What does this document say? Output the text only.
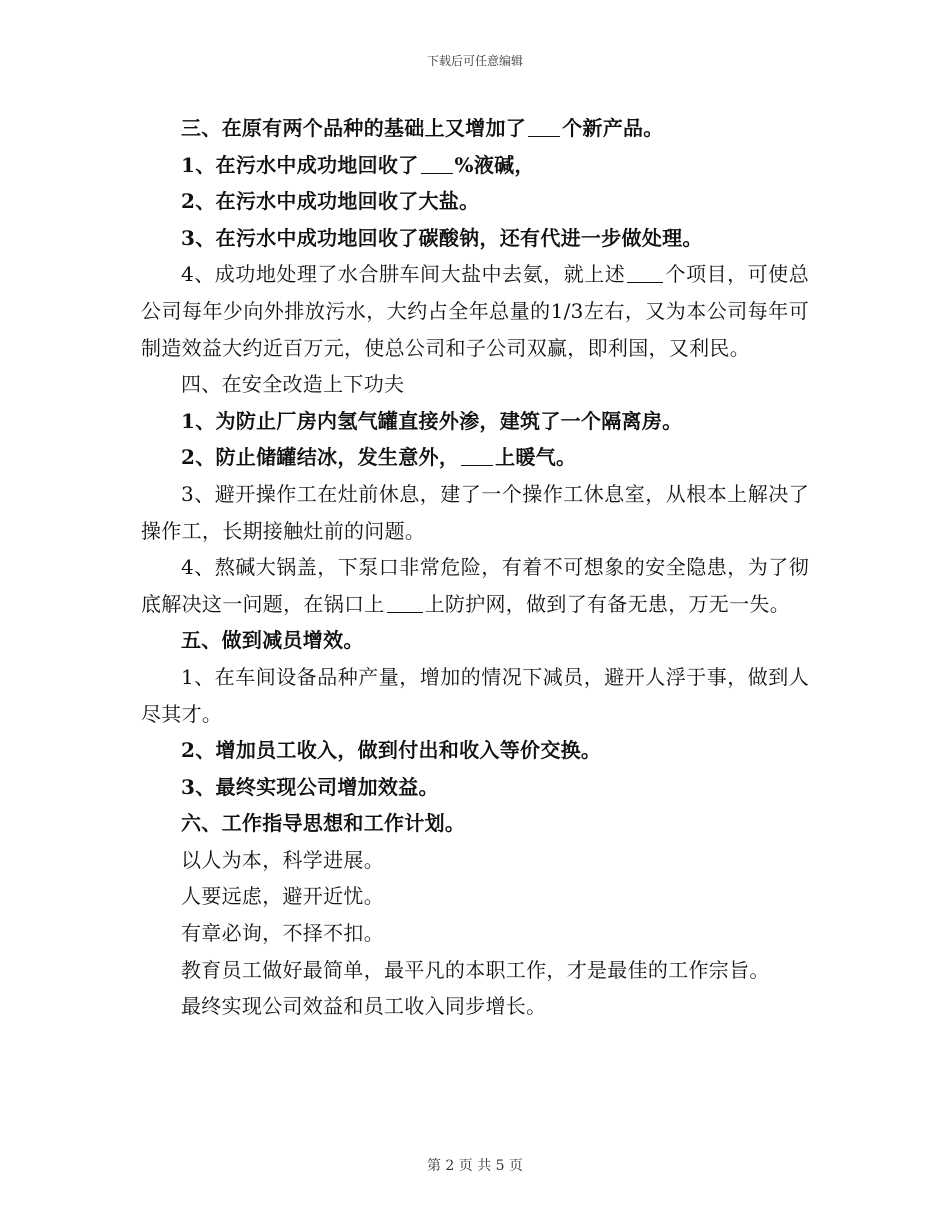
下载后可任意编辑

三、在原有两个品种的基础上又增加了 个新产品。

1、在污水中成功地回收了 %液碱，

2、在污水中成功地回收了大盐。

3、在污水中成功地回收了碳酸钠，还有代进一步做处理。

4、成功地处理了水合肼车间大盐中去氨，就上述 个项目，可使总公司每年少向外排放污水，大约占全年总量的1/3左右，又为本公司每年可制造效益大约近百万元，使总公司和子公司双赢，即利国，又利民。

四、在安全改造上下功夫

1、为防止厂房内氢气罐直接外渗，建筑了一个隔离房。

2、防止储罐结冰，发生意外， 上暖气。

3、避开操作工在灶前休息，建了一个操作工休息室，从根本上解决了操作工，长期接触灶前的问题。

4、熬碱大锅盖，下泵口非常危险，有着不可想象的安全隐患，为了彻底解决这一问题，在锅口上 上防护网，做到了有备无患，万无一失。

五、做到减员增效。

1、在车间设备品种产量，增加的情况下减员，避开人浮于事，做到人尽其才。

2、增加员工收入，做到付出和收入等价交换。

3、最终实现公司增加效益。

六、工作指导思想和工作计划。

以人为本，科学进展。

人要远虑，避开近忧。

有章必询，不择不扣。

教育员工做好最简单，最平凡的本职工作，才是最佳的工作宗旨。

最终实现公司效益和员工收入同步增长。

第 2 页 共 5 页
